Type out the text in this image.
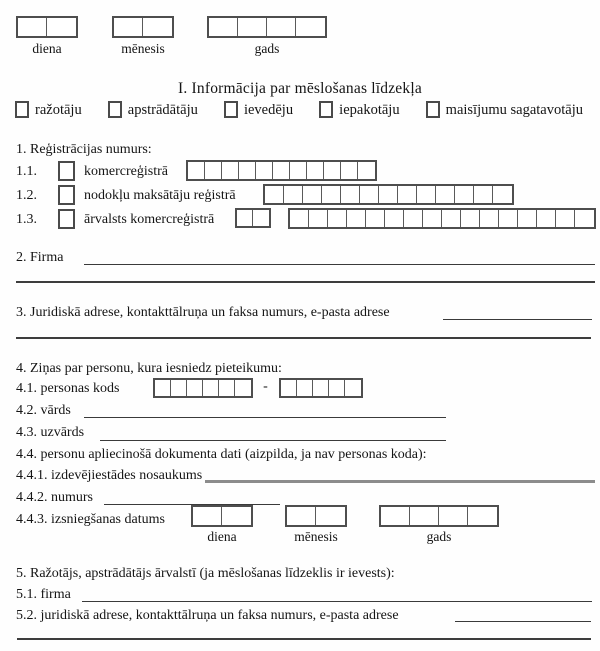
diena	mēnesis	gads
I. Informācija par mēslošanas līdzekļa
ražotāju	apstrādātāju	ievedēju	iepakotāju	maisījumu sagatavotāju
1. Reģistrācijas numurs:
1.1.	komercreģistrā
1.2.	nodokļu maksātāju reģistrā
1.3.	ārvalsts komercreģistrā
2. Firma
3. Juridiskā adrese, kontakttālruņa un faksa numurs, e-pasta adrese
4. Ziņas par personu, kura iesniedz pieteikumu:
4.1. personas kods	-
4.2. vārds
4.3. uzvārds
4.4. personu apliecinošā dokumenta dati (aizpilda, ja nav personas koda):
4.4.1. izdevējiestādes nosaukums
4.4.2. numurs
4.4.3. izsniegšanas datums
diena	mēnesis	gads
5. Ražotājs, apstrādātājs ārvalstī (ja mēslošanas līdzeklis ir ievests):
5.1. firma
5.2. juridiskā adrese, kontakttālruņa un faksa numurs, e-pasta adrese
